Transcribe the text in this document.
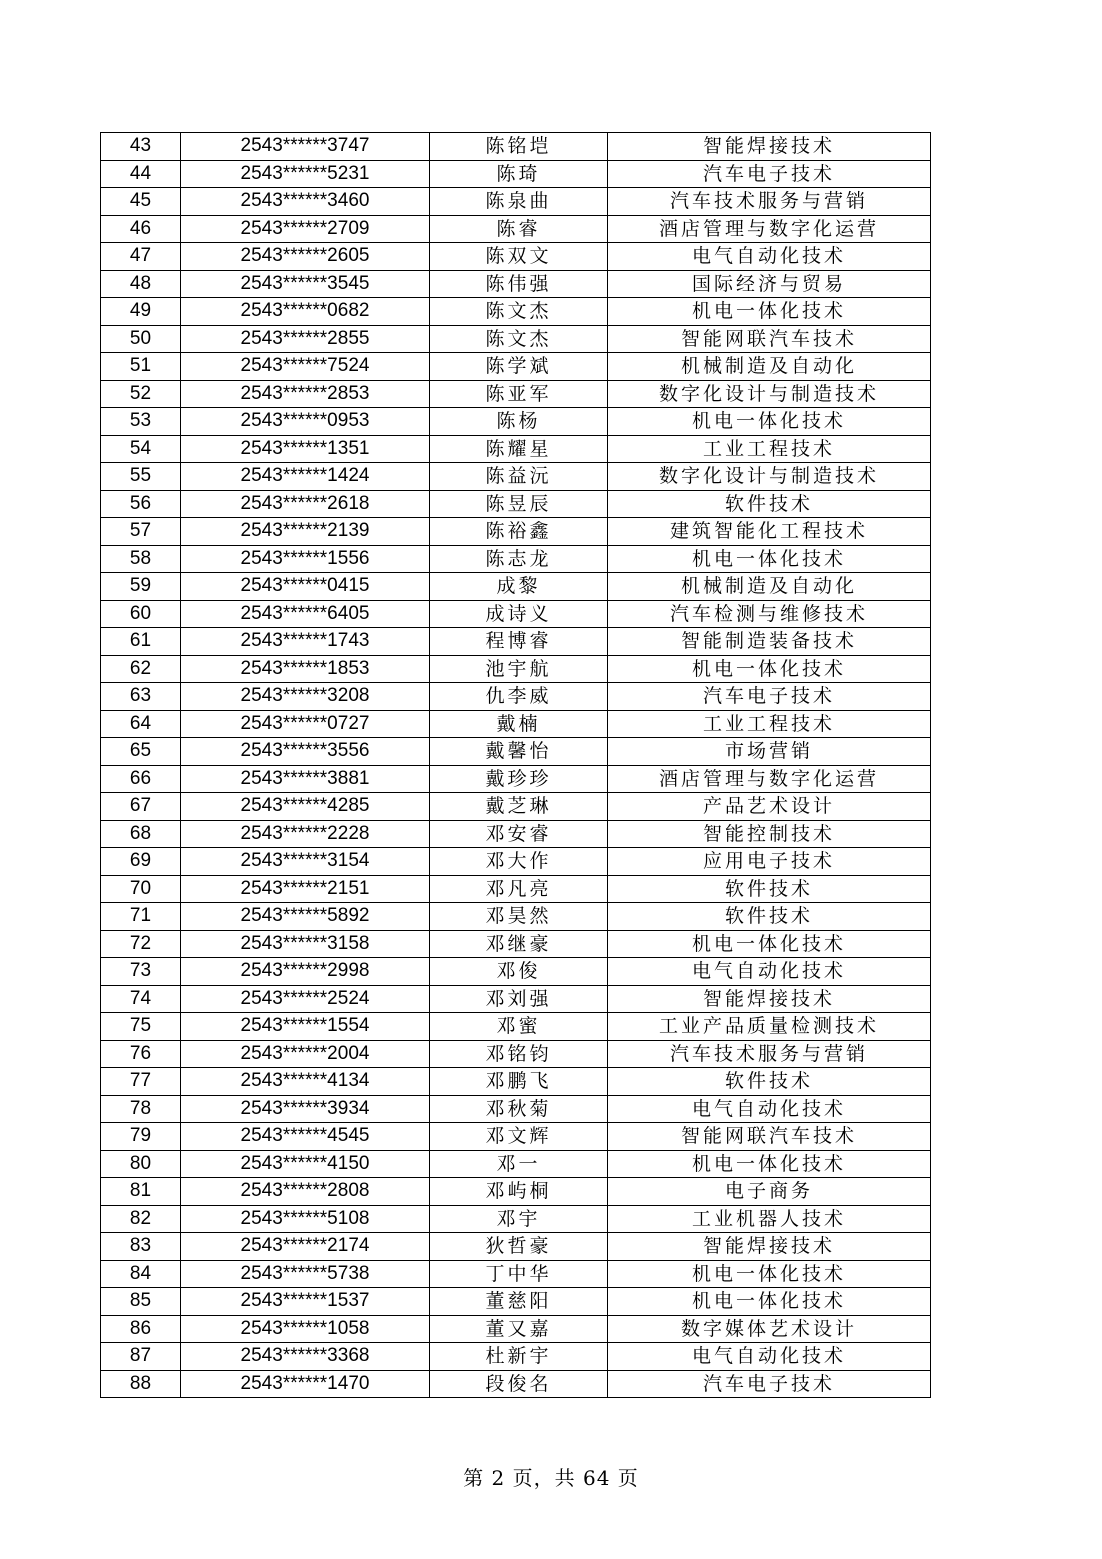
43	2543******3747	陈铭垲	智能焊接技术
44	2543******5231	陈琦	汽车电子技术
45	2543******3460	陈泉曲	汽车技术服务与营销
46	2543******2709	陈睿	酒店管理与数字化运营
47	2543******2605	陈双文	电气自动化技术
48	2543******3545	陈伟强	国际经济与贸易
49	2543******0682	陈文杰	机电一体化技术
50	2543******2855	陈文杰	智能网联汽车技术
51	2543******7524	陈学斌	机械制造及自动化
52	2543******2853	陈亚军	数字化设计与制造技术
53	2543******0953	陈杨	机电一体化技术
54	2543******1351	陈耀星	工业工程技术
55	2543******1424	陈益沅	数字化设计与制造技术
56	2543******2618	陈昱辰	软件技术
57	2543******2139	陈裕鑫	建筑智能化工程技术
58	2543******1556	陈志龙	机电一体化技术
59	2543******0415	成黎	机械制造及自动化
60	2543******6405	成诗义	汽车检测与维修技术
61	2543******1743	程博睿	智能制造装备技术
62	2543******1853	池宇航	机电一体化技术
63	2543******3208	仇李威	汽车电子技术
64	2543******0727	戴楠	工业工程技术
65	2543******3556	戴馨怡	市场营销
66	2543******3881	戴珍珍	酒店管理与数字化运营
67	2543******4285	戴芝琳	产品艺术设计
68	2543******2228	邓安睿	智能控制技术
69	2543******3154	邓大作	应用电子技术
70	2543******2151	邓凡亮	软件技术
71	2543******5892	邓昊然	软件技术
72	2543******3158	邓继豪	机电一体化技术
73	2543******2998	邓俊	电气自动化技术
74	2543******2524	邓刘强	智能焊接技术
75	2543******1554	邓蜜	工业产品质量检测技术
76	2543******2004	邓铭钧	汽车技术服务与营销
77	2543******4134	邓鹏飞	软件技术
78	2543******3934	邓秋菊	电气自动化技术
79	2543******4545	邓文辉	智能网联汽车技术
80	2543******4150	邓一	机电一体化技术
81	2543******2808	邓屿桐	电子商务
82	2543******5108	邓宇	工业机器人技术
83	2543******2174	狄哲豪	智能焊接技术
84	2543******5738	丁中华	机电一体化技术
85	2543******1537	董慈阳	机电一体化技术
86	2543******1058	董又嘉	数字媒体艺术设计
87	2543******3368	杜新宇	电气自动化技术
88	2543******1470	段俊名	汽车电子技术
第 2 页，共 64 页
